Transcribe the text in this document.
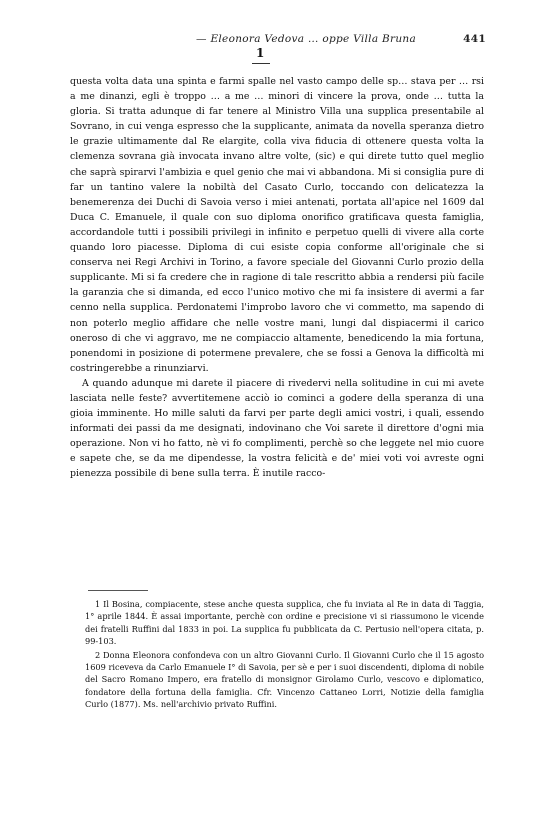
— Eleonora Vedova … oppe Villa Bruna	441
1

questa volta data una spinta e farmi spalle nel vasto campo delle sp… stava per … rsi a me dinanzi, egli è troppo … a me … minori di vincere la prova, onde … tutta la gloria. Si tratta adunque di far tenere al Ministro Villa una supplica presentabile al Sovrano, in cui venga espresso che la supplicante, animata da novella speranza dietro le grazie ultimamente dal Re elargite, colla viva fiducia di ottenere questa volta la clemenza sovrana già invocata invano altre volte, (sic) e qui direte tutto quel meglio che saprà spirarvi l'ambizia e quel genio che mai vi abbandona. Mi si consiglia pure di far un tantino valere la nobiltà del Casato Curlo, toccando con delicatezza la benemerenza dei Duchi di Savoia verso i miei antenati, portata all'apice nel 1609 dal Duca C. Emanuele, il quale con suo diploma onorifico gratificava questa famiglia, accordandole tutti i possibili privilegi in infinito e perpetuo quelli di vivere alla corte quando loro piacesse. Diploma di cui esiste copia conforme all'originale che si conserva nei Regi Archivi in Torino, a favore speciale del Giovanni Curlo prozio della supplicante. Mi si fa credere che in ragione di tale rescritto abbia a rendersi più facile la garanzia che si dimanda, ed ecco l'unico motivo che mi fa insistere di avermi a far cenno nella supplica. Perdonatemi l'improbo lavoro che vi commetto, ma sapendo di non poterlo meglio affidare che nelle vostre mani, lungi dal dispiacermi il carico oneroso di che vi aggravo, me ne compiaccio altamente, benedicendo la mia fortuna, ponendomi in posizione di potermene prevalere, che se fossi a Genova la difficoltà mi costringerebbe a rinunziarvi.

A quando adunque mi darete il piacere di rivedervi nella solitudine in cui mi avete lasciata nelle feste? avvertitemene acciò io cominci a godere della speranza di una gioia imminente. Ho mille saluti da farvi per parte degli amici vostri, i quali, essendo informati dei passi da me designati, indovinano che Voi sarete il direttore d'ogni mia operazione. Non vi ho fatto, nè vi fo complimenti, perchè so che leggete nel mio cuore e sapete che, se da me dipendesse, la vostra felicità e de' miei voti voi avreste ogni pienezza possibile di bene sulla terra. È inutile racco-

1 Il Bosina, compiacente, stese anche questa supplica, che fu inviata al Re in data di Taggia, 1° aprile 1844. È assai importante, perchè con ordine e precisione vi si riassumono le vicende dei fratelli Ruffini dal 1833 in poi. La supplica fu pubblicata da C. Pertusio nell'opera citata, p. 99-103.

2 Donna Eleonora confondeva con un altro Giovanni Curlo. Il Giovanni Curlo che il 15 agosto 1609 riceveva da Carlo Emanuele I° di Savoia, per sè e per i suoi discendenti, diploma di nobile del Sacro Romano Impero, era fratello di monsignor Girolamo Curlo, vescovo e diplomatico, fondatore della fortuna della famiglia. Cfr. Vincenzo Cattaneo Lorri, Notizie della famiglia Curlo (1877). Ms. nell'archivio privato Ruffini.
